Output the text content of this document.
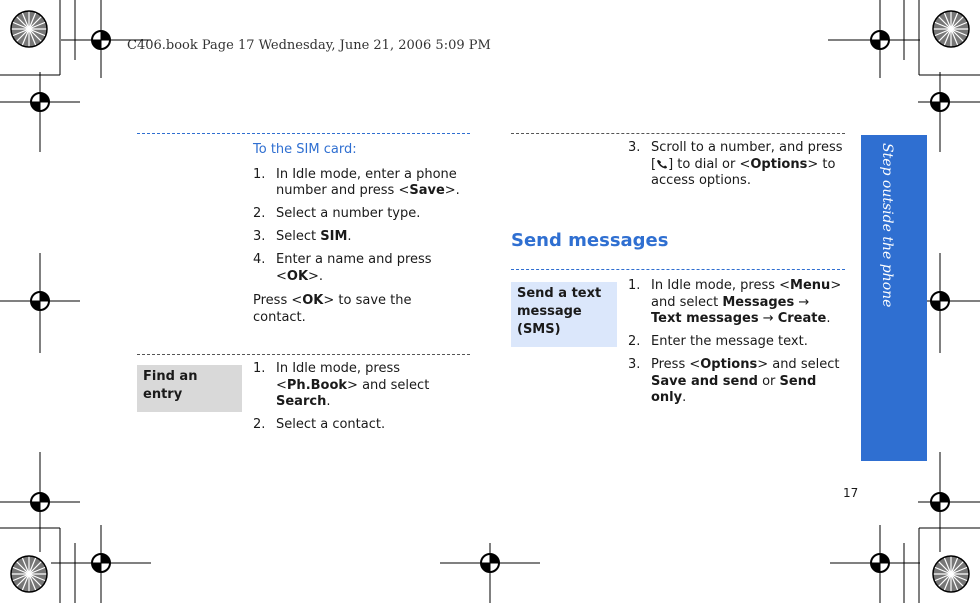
C406.book Page 17 Wednesday, June 21, 2006 5:09 PM
To the SIM card:
1. In Idle mode, enter a phone number and press <Save>.
2. Select a number type.
3. Select SIM.
4. Enter a name and press <OK>.
Press <OK> to save the contact.
Find an entry
1. In Idle mode, press <Ph.Book> and select Search.
2. Select a contact.
3. Scroll to a number, and press [ ] to dial or <Options> to access options.
Send messages
Send a text message (SMS)
1. In Idle mode, press <Menu> and select Messages → Text messages → Create.
2. Enter the message text.
3. Press <Options> and select Save and send or Send only.
Step outside the phone
17
